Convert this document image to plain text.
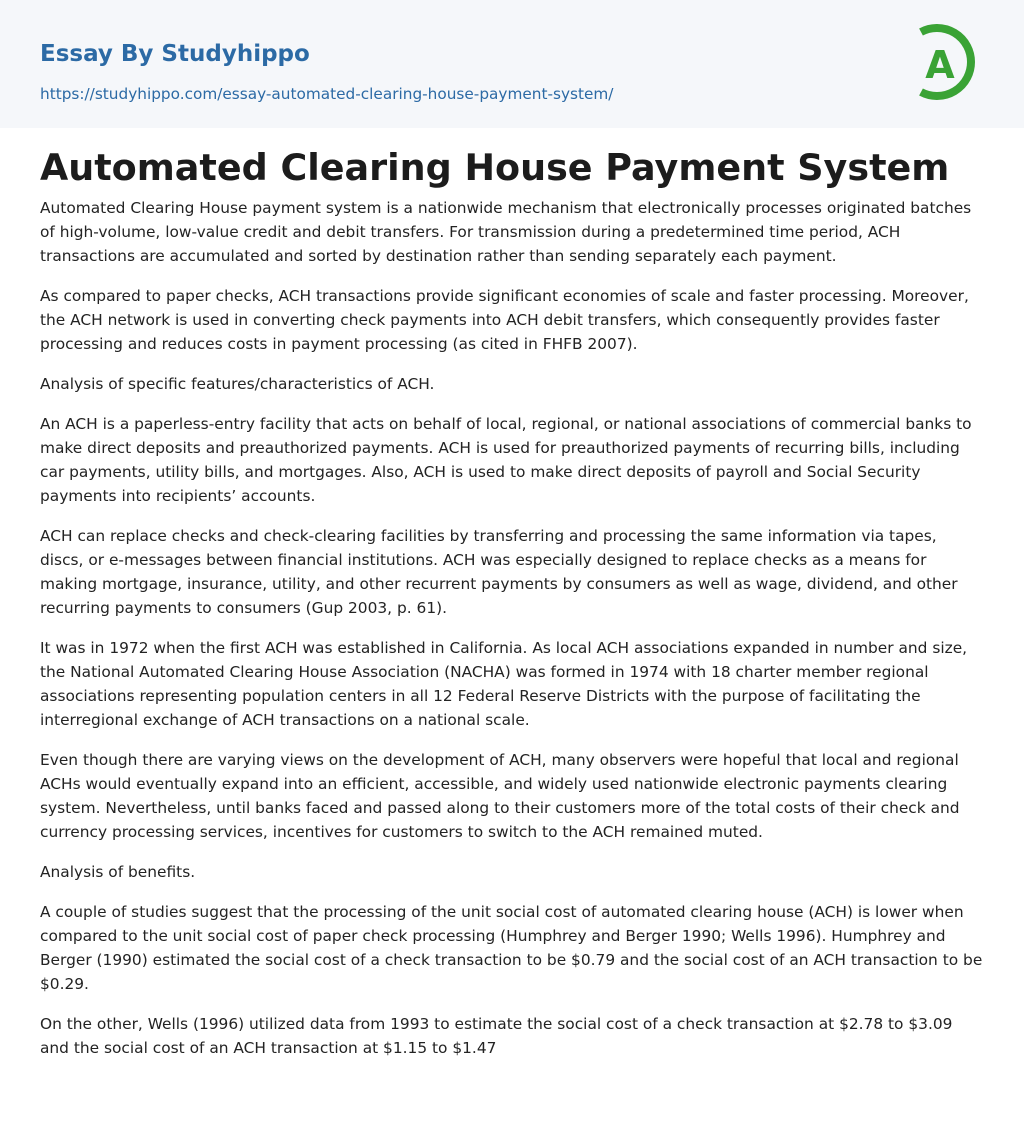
Essay By Studyhippo
https://studyhippo.com/essay-automated-clearing-house-payment-system/
A
Automated Clearing House Payment System

Automated Clearing House payment system is a nationwide mechanism that electronically processes originated batches of high-volume, low-value credit and debit transfers. For transmission during a predetermined time period, ACH transactions are accumulated and sorted by destination rather than sending separately each payment.

As compared to paper checks, ACH transactions provide significant economies of scale and faster processing. Moreover, the ACH network is used in converting check payments into ACH debit transfers, which consequently provides faster processing and reduces costs in payment processing (as cited in FHFB 2007).

Analysis of specific features/characteristics of ACH.

An ACH is a paperless-entry facility that acts on behalf of local, regional, or national associations of commercial banks to make direct deposits and preauthorized payments. ACH is used for preauthorized payments of recurring bills, including car payments, utility bills, and mortgages. Also, ACH is used to make direct deposits of payroll and Social Security payments into recipients’ accounts.

ACH can replace checks and check-clearing facilities by transferring and processing the same information via tapes, discs, or e-messages between financial institutions. ACH was especially designed to replace checks as a means for making mortgage, insurance, utility, and other recurrent payments by consumers as well as wage, dividend, and other recurring payments to consumers (Gup 2003, p. 61).

It was in 1972 when the first ACH was established in California. As local ACH associations expanded in number and size, the National Automated Clearing House Association (NACHA) was formed in 1974 with 18 charter member regional associations representing population centers in all 12 Federal Reserve Districts with the purpose of facilitating the interregional exchange of ACH transactions on a national scale.

Even though there are varying views on the development of ACH, many observers were hopeful that local and regional ACHs would eventually expand into an efficient, accessible, and widely used nationwide electronic payments clearing system. Nevertheless, until banks faced and passed along to their customers more of the total costs of their check and currency processing services, incentives for customers to switch to the ACH remained muted.

Analysis of benefits.

A couple of studies suggest that the processing of the unit social cost of automated clearing house (ACH) is lower when compared to the unit social cost of paper check processing (Humphrey and Berger 1990; Wells 1996). Humphrey and Berger (1990) estimated the social cost of a check transaction to be $0.79 and the social cost of an ACH transaction to be $0.29.

On the other, Wells (1996) utilized data from 1993 to estimate the social cost of a check transaction at $2.78 to $3.09 and the social cost of an ACH transaction at $1.15 to $1.47
